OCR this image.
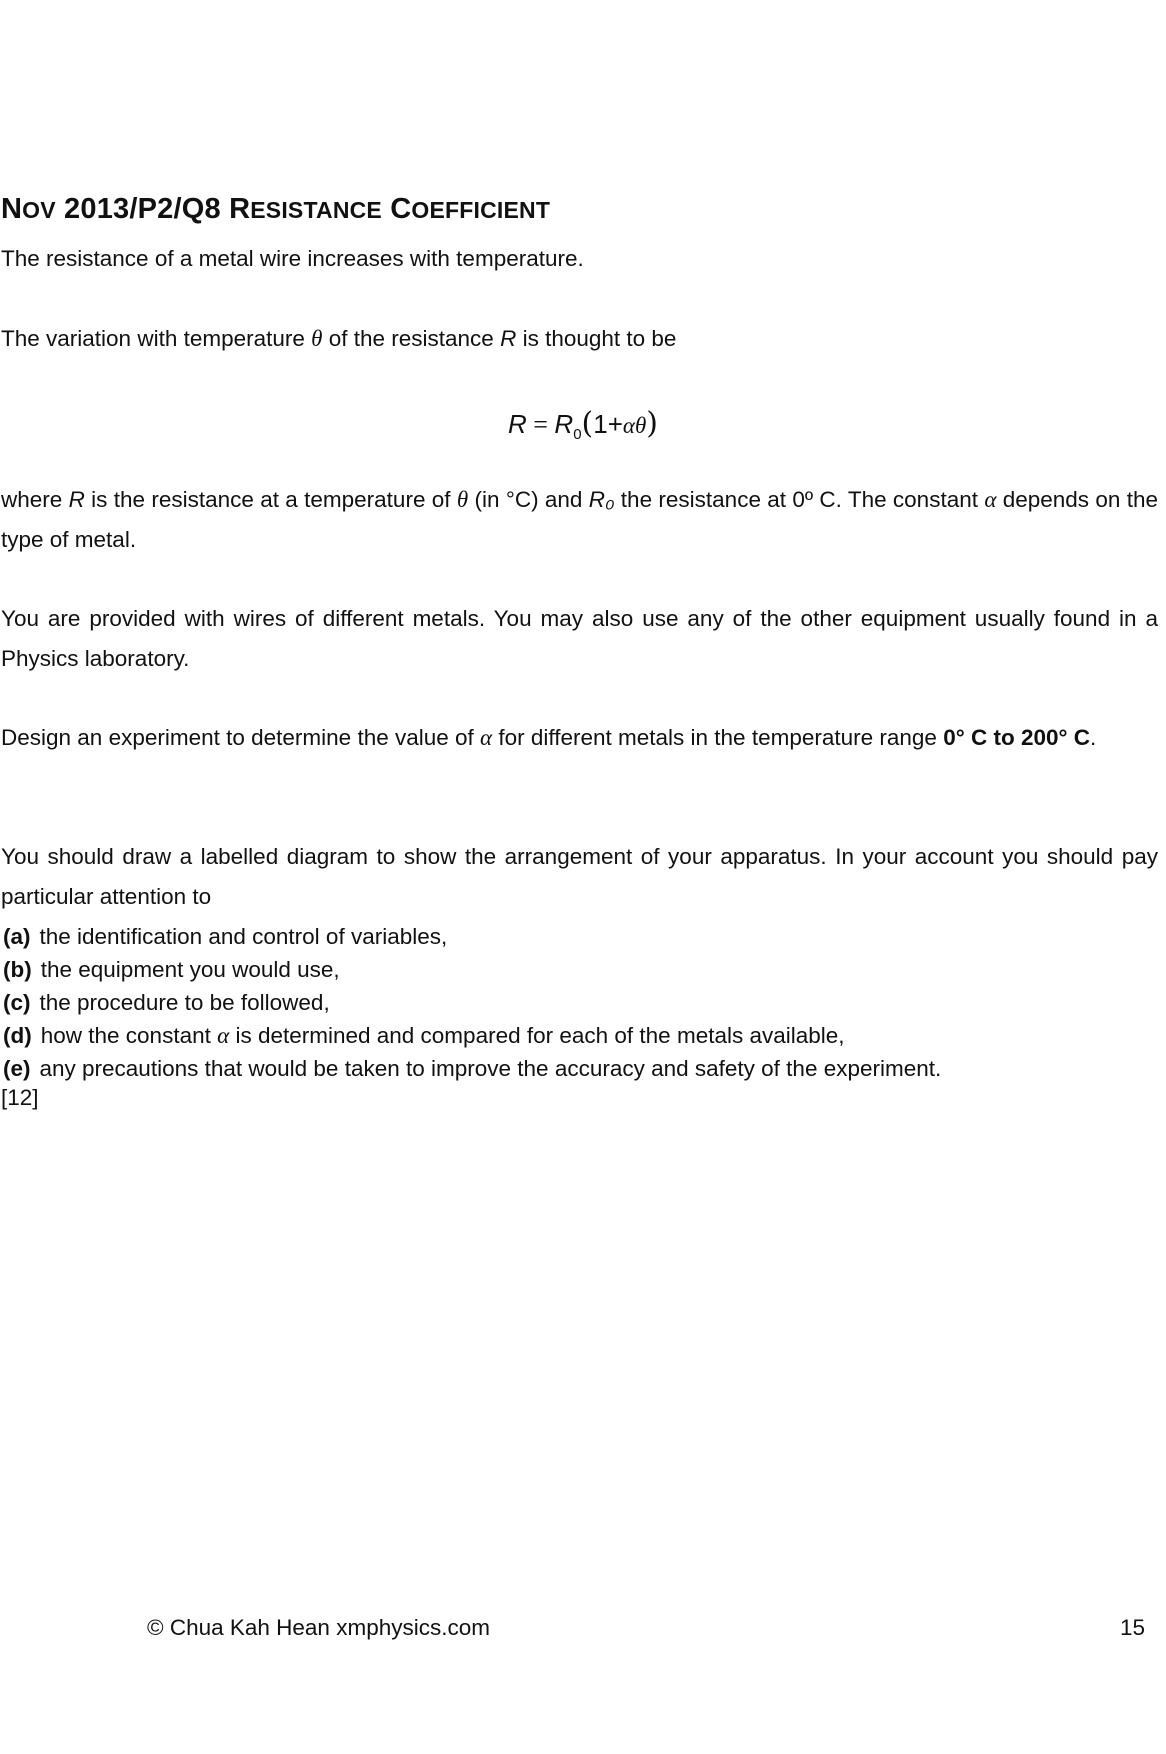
NOV 2013/P2/Q8 RESISTANCE COEFFICIENT

The resistance of a metal wire increases with temperature.

The variation with temperature θ of the resistance R is thought to be

$R = R_0(1+\alpha\theta)$

where R is the resistance at a temperature of θ (in °C) and R₀ the resistance at 0º C. The constant α depends on the type of metal.

You are provided with wires of different metals. You may also use any of the other equipment usually found in a Physics laboratory.

Design an experiment to determine the value of α for different metals in the temperature range 0° C to 200° C.

You should draw a labelled diagram to show the arrangement of your apparatus. In your account you should pay particular attention to

(a) the identification and control of variables,
(b) the equipment you would use,
(c) the procedure to be followed,
(d) how the constant α is determined and compared for each of the metals available,
(e) any precautions that would be taken to improve the accuracy and safety of the experiment.
[12]
© Chua Kah Hean xmphysics.com	15
